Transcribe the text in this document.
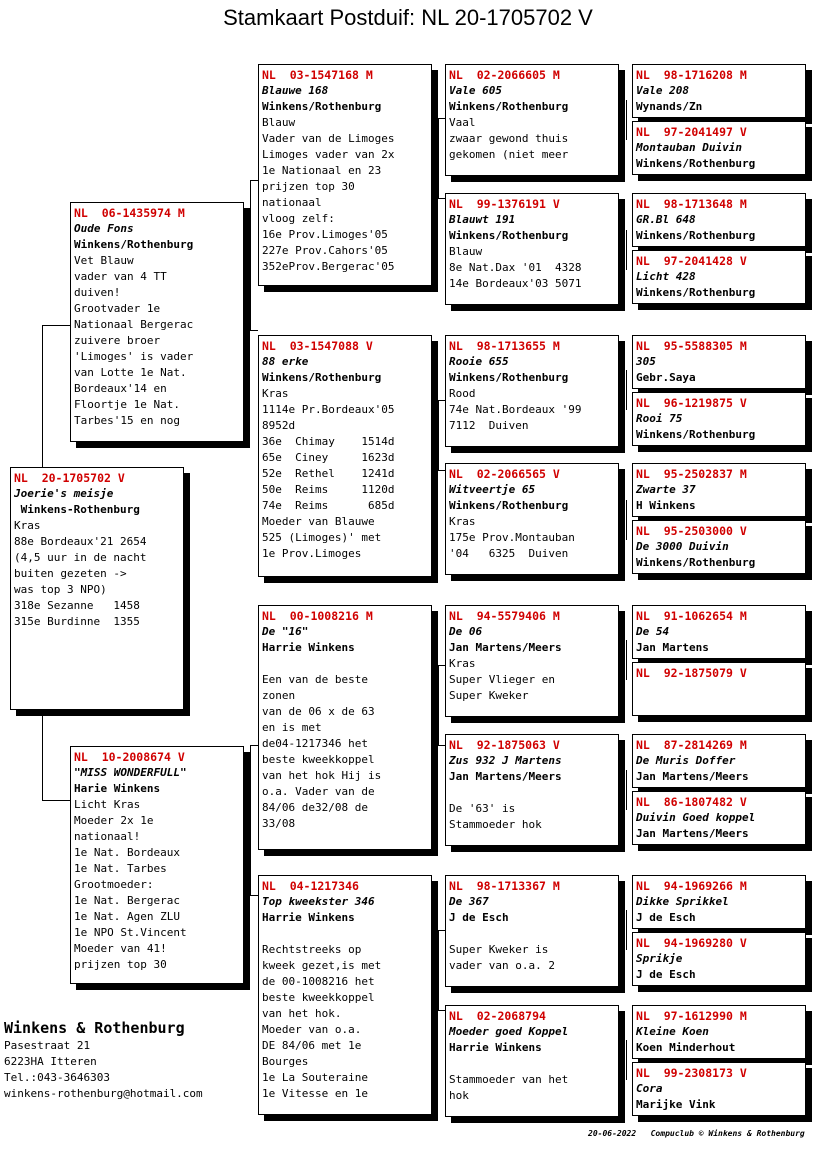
Stamkaart Postduif: NL 20-1705702 V
NL  20-1705702 V
Joerie's meisje
Winkens-Rothenburg
Kras
88e Bordeaux'21 2654
(4,5 uur in de nacht
buiten gezeten ->
was top 3 NPO)
318e Sezanne   1458
315e Burdinne  1355
NL  06-1435974 M
Oude Fons
Winkens/Rothenburg
Vet Blauw
vader van 4 TT
duiven!
Grootvader 1e
Nationaal Bergerac
zuivere broer
'Limoges' is vader
van Lotte 1e Nat.
Bordeaux'14 en
Floortje 1e Nat.
Tarbes'15 en nog
NL  10-2008674 V
"MISS WONDERFULL"
Harie Winkens
Licht Kras
Moeder 2x 1e
nationaal!
1e Nat. Bordeaux
1e Nat. Tarbes
Grootmoeder:
1e Nat. Bergerac
1e Nat. Agen ZLU
1e NPO St.Vincent
Moeder van 41!
prijzen top 30
NL  03-1547168 M
Blauwe 168
Winkens/Rothenburg
Blauw
Vader van de Limoges
Limoges vader van 2x
1e Nationaal en 23
prijzen top 30
nationaal
vloog zelf:
16e Prov.Limoges'05
227e Prov.Cahors'05
352eProv.Bergerac'05
NL  03-1547088 V
88 erke
Winkens/Rothenburg
Kras
1114e Pr.Bordeaux'05
8952d
36e  Chimay    1514d
65e  Ciney     1623d
52e  Rethel    1241d
50e  Reims     1120d
74e  Reims      685d
Moeder van Blauwe
525 (Limoges)' met
1e Prov.Limoges
NL  00-1008216 M
De "16"
Harrie Winkens
Een van de beste
zonen
van de 06 x de 63
en is met
de04-1217346 het
beste kweekkoppel
van het hok Hij is
o.a. Vader van de
84/06 de32/08 de
33/08
NL  04-1217346
Top kweekster 346
Harrie Winkens
Rechtstreeks op
kweek gezet,is met
de 00-1008216 het
beste kweekkoppel
van het hok.
Moeder van o.a.
DE 84/06 met 1e
Bourges
1e La Souteraine
1e Vitesse en 1e
NL  02-2066605 M
Vale 605
Winkens/Rothenburg
Vaal
zwaar gewond thuis
gekomen (niet meer
NL  99-1376191 V
Blauwt 191
Winkens/Rothenburg
Blauw
8e Nat.Dax '01  4328
14e Bordeaux'03 5071
NL  98-1713655 M
Rooie 655
Winkens/Rothenburg
Rood
74e Nat.Bordeaux '99
7112  Duiven
NL  02-2066565 V
Witveertje 65
Winkens/Rothenburg
Kras
175e Prov.Montauban
'04   6325  Duiven
NL  94-5579406 M
De 06
Jan Martens/Meers
Kras
Super Vlieger en
Super Kweker
NL  92-1875063 V
Zus 932 J Martens
Jan Martens/Meers
De '63' is
Stammoeder hok
NL  98-1713367 M
De 367
J de Esch
Super Kweker is
vader van o.a. 2
NL  02-2068794
Moeder goed Koppel
Harrie Winkens
Stammoeder van het
hok
NL  98-1716208 M
Vale 208
Wynands/Zn
NL  97-2041497 V
Montauban Duivin
Winkens/Rothenburg
NL  98-1713648 M
GR.Bl 648
Winkens/Rothenburg
NL  97-2041428 V
Licht 428
Winkens/Rothenburg
NL  95-5588305 M
305
Gebr.Saya
NL  96-1219875 V
Rooi 75
Winkens/Rothenburg
NL  95-2502837 M
Zwarte 37
H Winkens
NL  95-2503000 V
De 3000 Duivin
Winkens/Rothenburg
NL  91-1062654 M
De 54
Jan Martens
NL  92-1875079 V
NL  87-2814269 M
De Muris Doffer
Jan Martens/Meers
NL  86-1807482 V
Duivin Goed koppel
Jan Martens/Meers
NL  94-1969266 M
Dikke Sprikkel
J de Esch
NL  94-1969280 V
Sprikje
J de Esch
NL  97-1612990 M
Kleine Koen
Koen Minderhout
NL  99-2308173 V
Cora
Marijke Vink
Winkens & Rothenburg
Pasestraat 21
6223HA Itteren
Tel.:043-3646303
winkens-rothenburg@hotmail.com
20-06-2022   Compuclub © Winkens & Rothenburg
